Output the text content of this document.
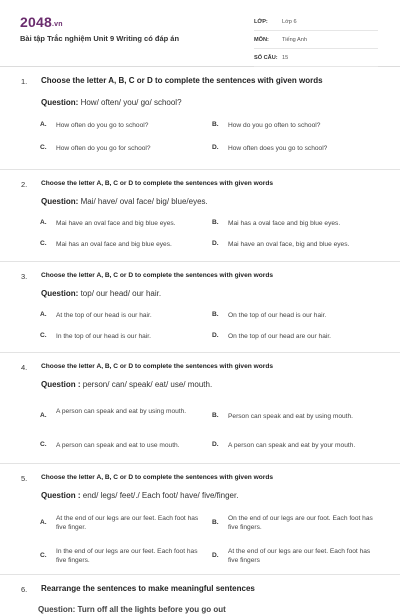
2048.vn
Bài tập Trắc nghiệm Unit 9 Writing có đáp án
LỚP:	Lớp 6
MÔN:	Tiếng Anh
SỐ CÂU: 15
1. Choose the letter A, B, C or D to complete the sentences with given words
Question: How/ often/ you/ go/ school?
A.	How often do you go to school?	B.	How do you go often to school?
C.	How often do you go for school?	D.	How often does you go to school?
2. Choose the letter A, B, C or D to complete the sentences with given words
Question: Mai/ have/ oval face/ big/ blue/eyes.
A.	Mai have an oval face and big blue eyes.	B.	Mai has a oval face and big blue eyes.
C.	Mai has an oval face and big blue eyes.	D.	Mai have an oval face, big and blue eyes.
3. Choose the letter A, B, C or D to complete the sentences with given words
Question: top/ our head/ our hair.
A.	At the top of our head is our hair.	B.	On the top of our head is our hair.
C.	In the top of our head is our hair.	D.	On the top of our head are our hair.
4. Choose the letter A, B, C or D to complete the sentences with given words
Question : person/ can/ speak/ eat/ use/ mouth.
A.
A person can speak and eat by using mouth.
B.	Person can speak and eat by using mouth.
C.	A person can speak and eat to use mouth.	D.	A person can speak and eat by your mouth.
5. Choose the letter A, B, C or D to complete the sentences with given words
Question : end/ legs/ feet/./ Each foot/ have/ five/finger.
A.
At the end of our legs are our feet. Each foot has five finger.
B.
On the end of our legs are our foot. Each foot has five fingers.
C.
In the end of our legs are our feet. Each foot has five fingers.
D.
At the end of our legs are our feet. Each foot has five fingers
6. Rearrange the sentences to make meaningful sentences
Question: Turn off all the lights before you go out
